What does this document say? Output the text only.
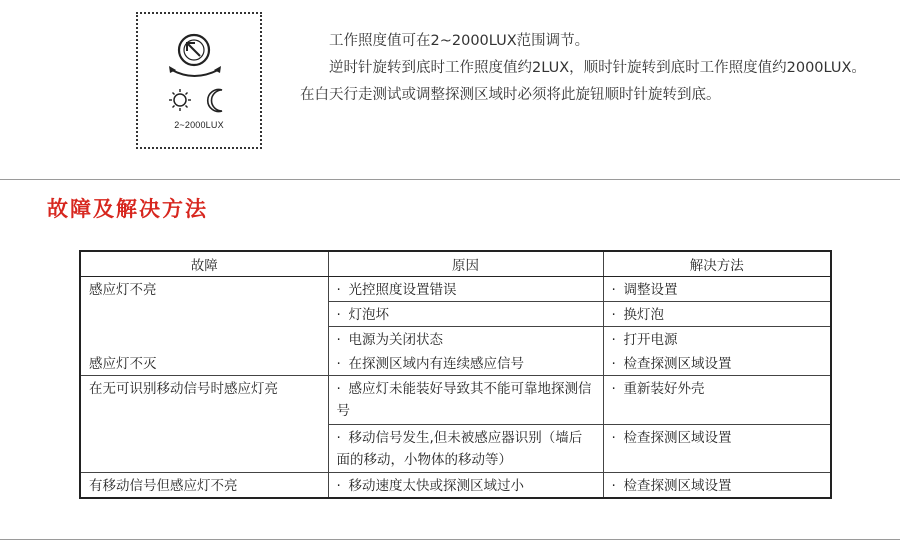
2~2000LUX

工作照度值可在2~2000LUX范围调节。

逆时针旋转到底时工作照度值约2LUX，顺时针旋转到底时工作照度值约2000LUX。在白天行走测试或调整探测区域时必须将此旋钮顺时针旋转到底。

故障及解决方法
故障	原因	解决方法
感应灯不亮	· 光控照度设置错误	· 调整设置
	· 灯泡坏	· 换灯泡
	· 电源为关闭状态	· 打开电源
感应灯不灭	· 在探测区域内有连续感应信号	· 检查探测区域设置
在无可识别移动信号时感应灯亮	· 感应灯未能装好导致其不能可靠地探测信号	· 重新装好外壳
	· 移动信号发生,但未被感应器识别（墙后面的移动，小物体的移动等）	· 检查探测区域设置
有移动信号但感应灯不亮	· 移动速度太快或探测区域过小	· 检查探测区域设置
